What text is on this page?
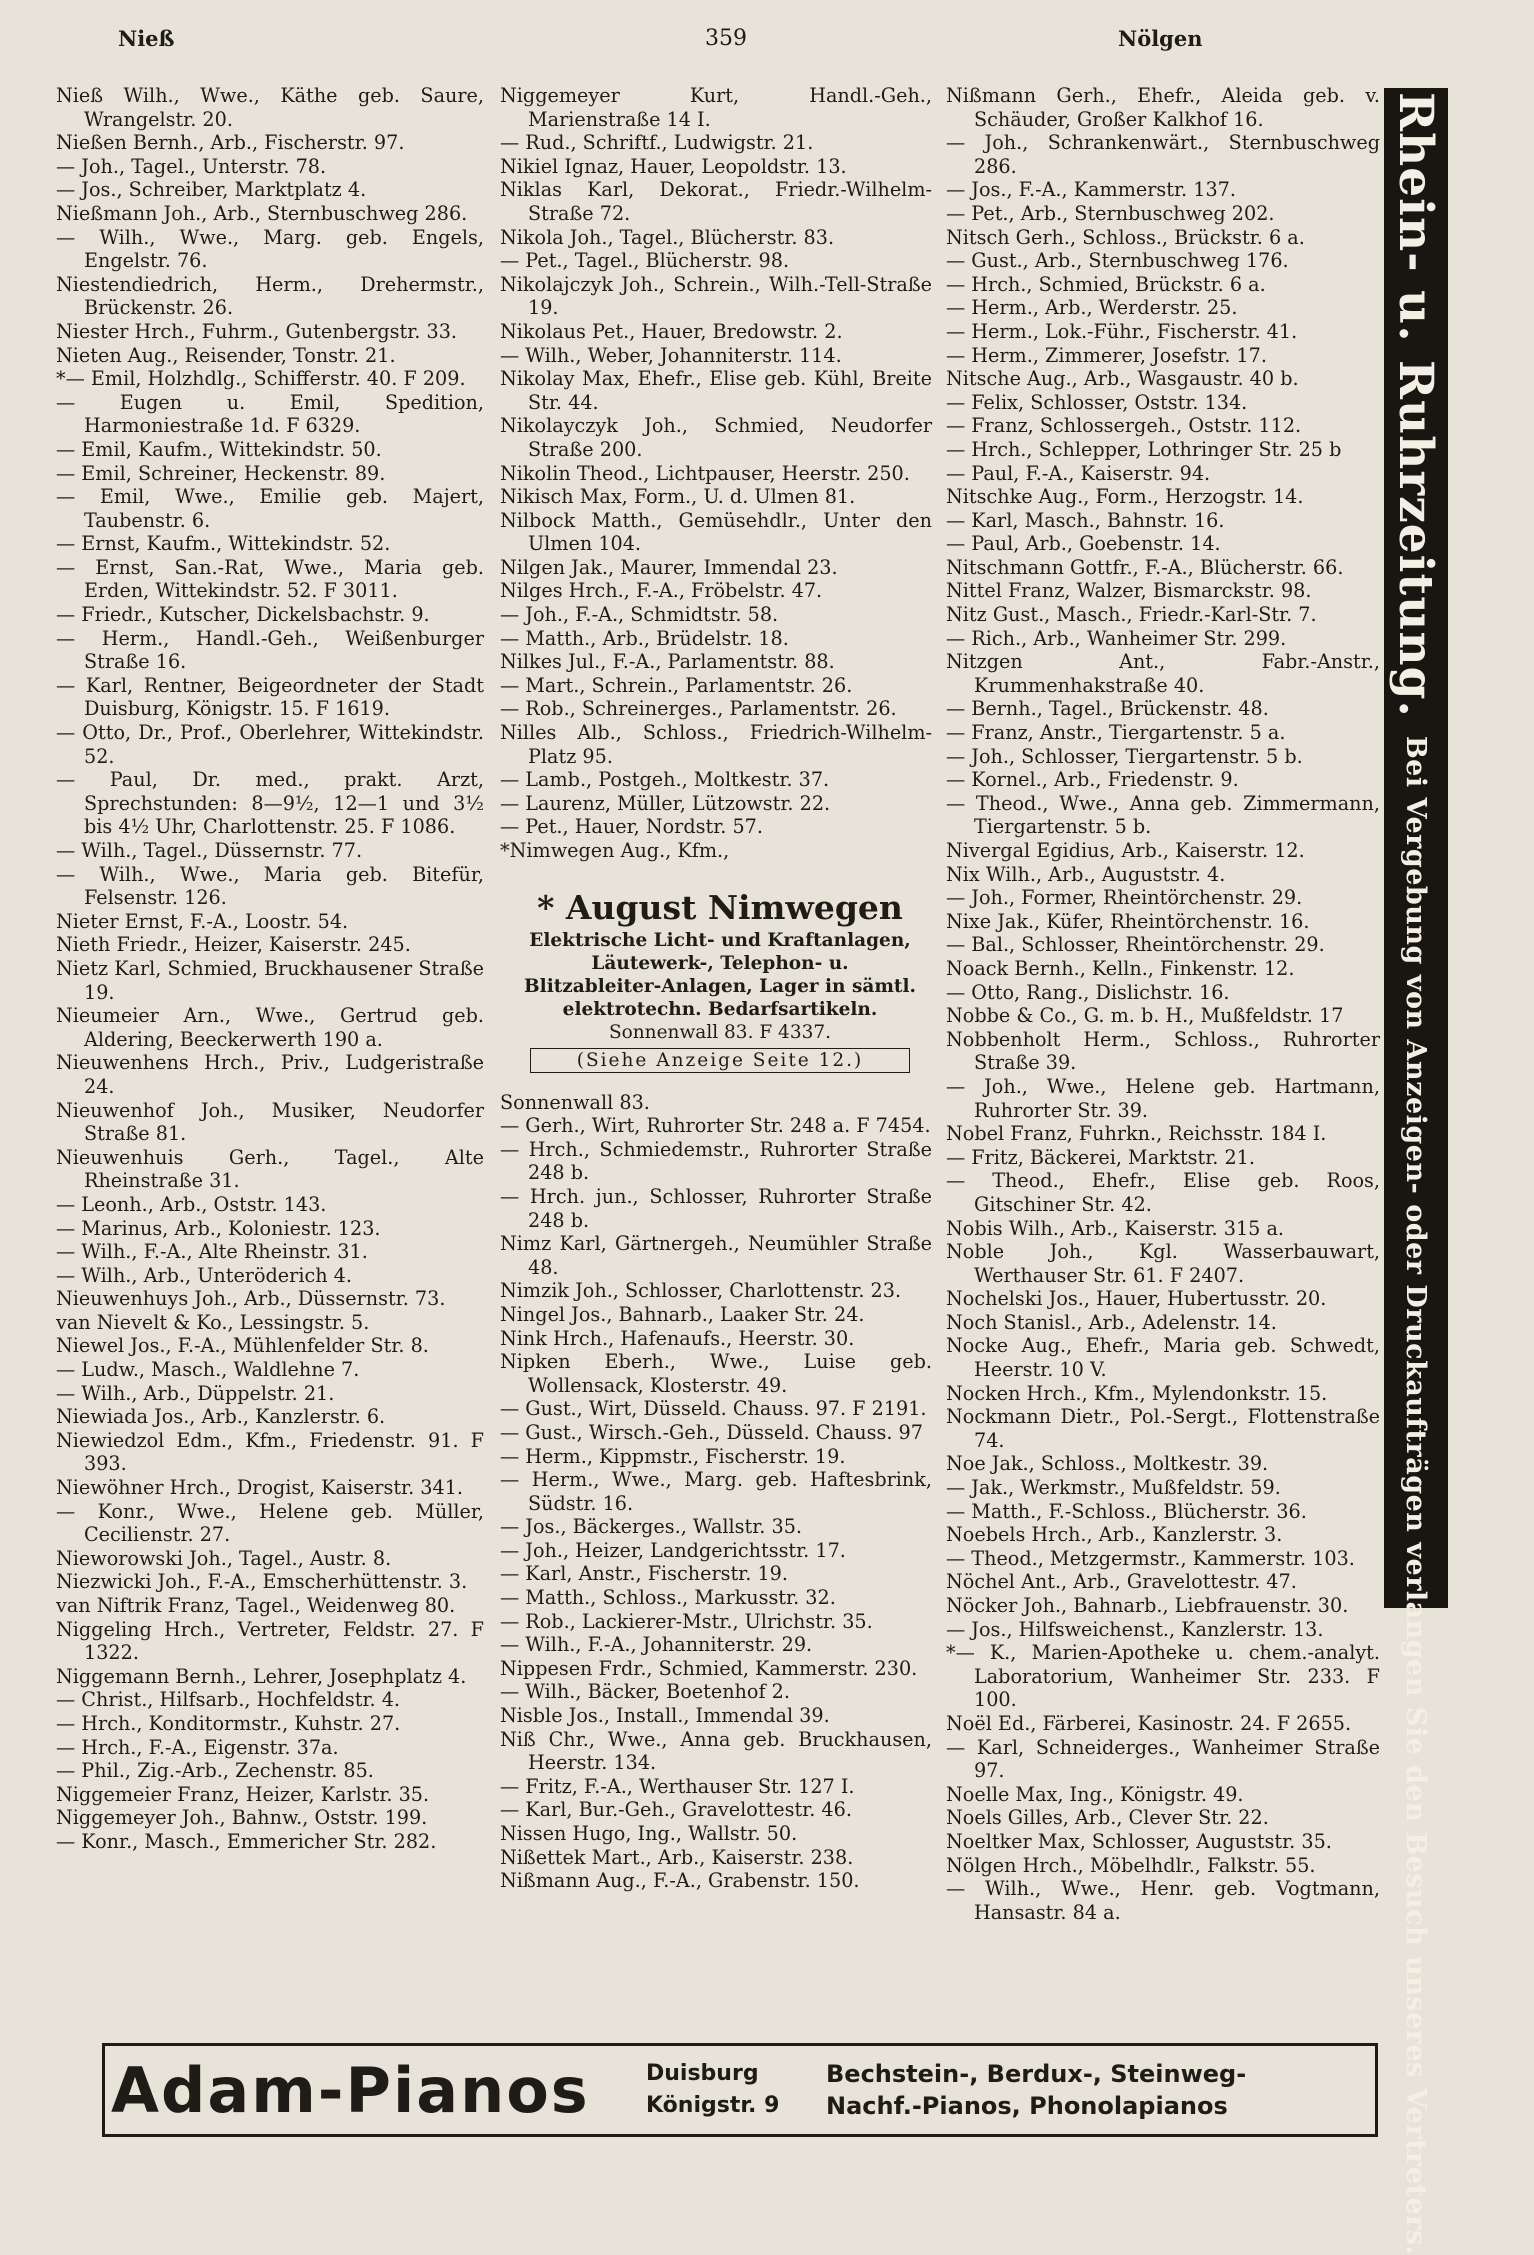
Nieß	359	Nölgen

Nieß Wilh., Wwe., Käthe geb. Saure, Wrangelstr. 20.

Nießen Bernh., Arb., Fischerstr. 97.

— Joh., Tagel., Unterstr. 78.

— Jos., Schreiber, Marktplatz 4.

Nießmann Joh., Arb., Sternbuschweg 286.

— Wilh., Wwe., Marg. geb. Engels, Engelstr. 76.

Niestendiedrich, Herm., Drehermstr., Brückenstr. 26.

Niester Hrch., Fuhrm., Gutenbergstr. 33.

Nieten Aug., Reisender, Tonstr. 21.

*— Emil, Holzhdlg., Schifferstr. 40. F 209.

— Eugen u. Emil, Spedition, Harmoniestraße 1d. F 6329.

— Emil, Kaufm., Wittekindstr. 50.

— Emil, Schreiner, Heckenstr. 89.

— Emil, Wwe., Emilie geb. Majert, Taubenstr. 6.

— Ernst, Kaufm., Wittekindstr. 52.

— Ernst, San.-Rat, Wwe., Maria geb. Erden, Wittekindstr. 52. F 3011.

— Friedr., Kutscher, Dickelsbachstr. 9.

— Herm., Handl.-Geh., Weißenburger Straße 16.

— Karl, Rentner, Beigeordneter der Stadt Duisburg, Königstr. 15. F 1619.

— Otto, Dr., Prof., Oberlehrer, Wittekindstr. 52.

— Paul, Dr. med., prakt. Arzt, Sprechstunden: 8—9½, 12—1 und 3½ bis 4½ Uhr, Charlottenstr. 25. F 1086.

— Wilh., Tagel., Düssernstr. 77.

— Wilh., Wwe., Maria geb. Bitefür, Felsenstr. 126.

Nieter Ernst, F.-A., Loostr. 54.

Nieth Friedr., Heizer, Kaiserstr. 245.

Nietz Karl, Schmied, Bruckhausener Straße 19.

Nieumeier Arn., Wwe., Gertrud geb. Aldering, Beeckerwerth 190 a.

Nieuwenhens Hrch., Priv., Ludgeristraße 24.

Nieuwenhof Joh., Musiker, Neudorfer Straße 81.

Nieuwenhuis Gerh., Tagel., Alte Rheinstraße 31.

— Leonh., Arb., Oststr. 143.

— Marinus, Arb., Koloniestr. 123.

— Wilh., F.-A., Alte Rheinstr. 31.

— Wilh., Arb., Unteröderich 4.

Nieuwenhuys Joh., Arb., Düssernstr. 73.

van Nievelt & Ko., Lessingstr. 5.

Niewel Jos., F.-A., Mühlenfelder Str. 8.

— Ludw., Masch., Waldlehne 7.

— Wilh., Arb., Düppelstr. 21.

Niewiada Jos., Arb., Kanzlerstr. 6.

Niewiedzol Edm., Kfm., Friedenstr. 91. F 393.

Niewöhner Hrch., Drogist, Kaiserstr. 341.

— Konr., Wwe., Helene geb. Müller, Cecilienstr. 27.

Nieworowski Joh., Tagel., Austr. 8.

Niezwicki Joh., F.-A., Emscherhüttenstr. 3.

van Niftrik Franz, Tagel., Weidenweg 80.

Niggeling Hrch., Vertreter, Feldstr. 27. F 1322.

Niggemann Bernh., Lehrer, Josephplatz 4.

— Christ., Hilfsarb., Hochfeldstr. 4.

— Hrch., Konditormstr., Kuhstr. 27.

— Hrch., F.-A., Eigenstr. 37a.

— Phil., Zig.-Arb., Zechenstr. 85.

Niggemeier Franz, Heizer, Karlstr. 35.

Niggemeyer Joh., Bahnw., Oststr. 199.

— Konr., Masch., Emmericher Str. 282.

Niggemeyer Kurt, Handl.-Geh., Marienstraße 14 I.

— Rud., Schriftf., Ludwigstr. 21.

Nikiel Ignaz, Hauer, Leopoldstr. 13.

Niklas Karl, Dekorat., Friedr.-Wilhelm-Straße 72.

Nikola Joh., Tagel., Blücherstr. 83.

— Pet., Tagel., Blücherstr. 98.

Nikolajczyk Joh., Schrein., Wilh.-Tell-Straße 19.

Nikolaus Pet., Hauer, Bredowstr. 2.

— Wilh., Weber, Johanniterstr. 114.

Nikolay Max, Ehefr., Elise geb. Kühl, Breite Str. 44.

Nikolayczyk Joh., Schmied, Neudorfer Straße 200.

Nikolin Theod., Lichtpauser, Heerstr. 250.

Nikisch Max, Form., U. d. Ulmen 81.

Nilbock Matth., Gemüsehdlr., Unter den Ulmen 104.

Nilgen Jak., Maurer, Immendal 23.

Nilges Hrch., F.-A., Fröbelstr. 47.

— Joh., F.-A., Schmidtstr. 58.

— Matth., Arb., Brüdelstr. 18.

Nilkes Jul., F.-A., Parlamentstr. 88.

— Mart., Schrein., Parlamentstr. 26.

— Rob., Schreinerges., Parlamentstr. 26.

Nilles Alb., Schloss., Friedrich-Wilhelm-Platz 95.

— Lamb., Postgeh., Moltkestr. 37.

— Laurenz, Müller, Lützowstr. 22.

— Pet., Hauer, Nordstr. 57.

*Nimwegen Aug., Kfm.,

* August Nimwegen
Elektrische Licht- und Kraftanlagen, Läutewerk-, Telephon- u. Blitzableiter-Anlagen, Lager in sämtl. elektrotechn. Bedarfsartikeln.
Sonnenwall 83. F 4337.
(Siehe Anzeige Seite 12.)

Sonnenwall 83.

— Gerh., Wirt, Ruhrorter Str. 248 a. F 7454.

— Hrch., Schmiedemstr., Ruhrorter Straße 248 b.

— Hrch. jun., Schlosser, Ruhrorter Straße 248 b.

Nimz Karl, Gärtnergeh., Neumühler Straße 48.

Nimzik Joh., Schlosser, Charlottenstr. 23.

Ningel Jos., Bahnarb., Laaker Str. 24.

Nink Hrch., Hafenaufs., Heerstr. 30.

Nipken Eberh., Wwe., Luise geb. Wollensack, Klosterstr. 49.

— Gust., Wirt, Düsseld. Chauss. 97. F 2191.

— Gust., Wirsch.-Geh., Düsseld. Chauss. 97

— Herm., Kippmstr., Fischerstr. 19.

— Herm., Wwe., Marg. geb. Haftesbrink, Südstr. 16.

— Jos., Bäckerges., Wallstr. 35.

— Joh., Heizer, Landgerichtsstr. 17.

— Karl, Anstr., Fischerstr. 19.

— Matth., Schloss., Markusstr. 32.

— Rob., Lackierer-Mstr., Ulrichstr. 35.

— Wilh., F.-A., Johanniterstr. 29.

Nippesen Frdr., Schmied, Kammerstr. 230.

— Wilh., Bäcker, Boetenhof 2.

Nisble Jos., Install., Immendal 39.

Niß Chr., Wwe., Anna geb. Bruckhausen, Heerstr. 134.

— Fritz, F.-A., Werthauser Str. 127 I.

— Karl, Bur.-Geh., Gravelottestr. 46.

Nissen Hugo, Ing., Wallstr. 50.

Nißettek Mart., Arb., Kaiserstr. 238.

Nißmann Aug., F.-A., Grabenstr. 150.

Nißmann Gerh., Ehefr., Aleida geb. v. Schäuder, Großer Kalkhof 16.

— Joh., Schrankenwärt., Sternbuschweg 286.

— Jos., F.-A., Kammerstr. 137.

— Pet., Arb., Sternbuschweg 202.

Nitsch Gerh., Schloss., Brückstr. 6 a.

— Gust., Arb., Sternbuschweg 176.

— Hrch., Schmied, Brückstr. 6 a.

— Herm., Arb., Werderstr. 25.

— Herm., Lok.-Führ., Fischerstr. 41.

— Herm., Zimmerer, Josefstr. 17.

Nitsche Aug., Arb., Wasgaustr. 40 b.

— Felix, Schlosser, Oststr. 134.

— Franz, Schlossergeh., Oststr. 112.

— Hrch., Schlepper, Lothringer Str. 25 b

— Paul, F.-A., Kaiserstr. 94.

Nitschke Aug., Form., Herzogstr. 14.

— Karl, Masch., Bahnstr. 16.

— Paul, Arb., Goebenstr. 14.

Nitschmann Gottfr., F.-A., Blücherstr. 66.

Nittel Franz, Walzer, Bismarckstr. 98.

Nitz Gust., Masch., Friedr.-Karl-Str. 7.

— Rich., Arb., Wanheimer Str. 299.

Nitzgen Ant., Fabr.-Anstr., Krummenhakstraße 40.

— Bernh., Tagel., Brückenstr. 48.

— Franz, Anstr., Tiergartenstr. 5 a.

— Joh., Schlosser, Tiergartenstr. 5 b.

— Kornel., Arb., Friedenstr. 9.

— Theod., Wwe., Anna geb. Zimmermann, Tiergartenstr. 5 b.

Nivergal Egidius, Arb., Kaiserstr. 12.

Nix Wilh., Arb., Auguststr. 4.

— Joh., Former, Rheintörchenstr. 29.

Nixe Jak., Küfer, Rheintörchenstr. 16.

— Bal., Schlosser, Rheintörchenstr. 29.

Noack Bernh., Kelln., Finkenstr. 12.

— Otto, Rang., Dislichstr. 16.

Nobbe & Co., G. m. b. H., Mußfeldstr. 17

Nobbenholt Herm., Schloss., Ruhrorter Straße 39.

— Joh., Wwe., Helene geb. Hartmann, Ruhrorter Str. 39.

Nobel Franz, Fuhrkn., Reichsstr. 184 I.

— Fritz, Bäckerei, Marktstr. 21.

— Theod., Ehefr., Elise geb. Roos, Gitschiner Str. 42.

Nobis Wilh., Arb., Kaiserstr. 315 a.

Noble Joh., Kgl. Wasserbauwart, Werthauser Str. 61. F 2407.

Nochelski Jos., Hauer, Hubertusstr. 20.

Noch Stanisl., Arb., Adelenstr. 14.

Nocke Aug., Ehefr., Maria geb. Schwedt, Heerstr. 10 V.

Nocken Hrch., Kfm., Mylendonkstr. 15.

Nockmann Dietr., Pol.-Sergt., Flottenstraße 74.

Noe Jak., Schloss., Moltkestr. 39.

— Jak., Werkmstr., Mußfeldstr. 59.

— Matth., F.-Schloss., Blücherstr. 36.

Noebels Hrch., Arb., Kanzlerstr. 3.

— Theod., Metzgermstr., Kammerstr. 103.

Nöchel Ant., Arb., Gravelottestr. 47.

Nöcker Joh., Bahnarb., Liebfrauenstr. 30.

— Jos., Hilfsweichenst., Kanzlerstr. 13.

*— K., Marien-Apotheke u. chem.-analyt. Laboratorium, Wanheimer Str. 233. F 100.

Noël Ed., Färberei, Kasinostr. 24. F 2655.

— Karl, Schneiderges., Wanheimer Straße 97.

Noelle Max, Ing., Königstr. 49.

Noels Gilles, Arb., Clever Str. 22.

Noeltker Max, Schlosser, Auguststr. 35.

Nölgen Hrch., Möbelhdlr., Falkstr. 55.

— Wilh., Wwe., Henr. geb. Vogtmann, Hansastr. 84 a.

Rhein- u. Ruhrzeitung.
Bei Vergebung von Anzeigen- oder Druckaufträgen verlangen Sie den Besuch unseres Vertreters.
Adam-Pianos	Duisburg
Königstr. 9
Bechstein-, Berdux-, Steinweg-
Nachf.-Pianos, Phonolapianos
